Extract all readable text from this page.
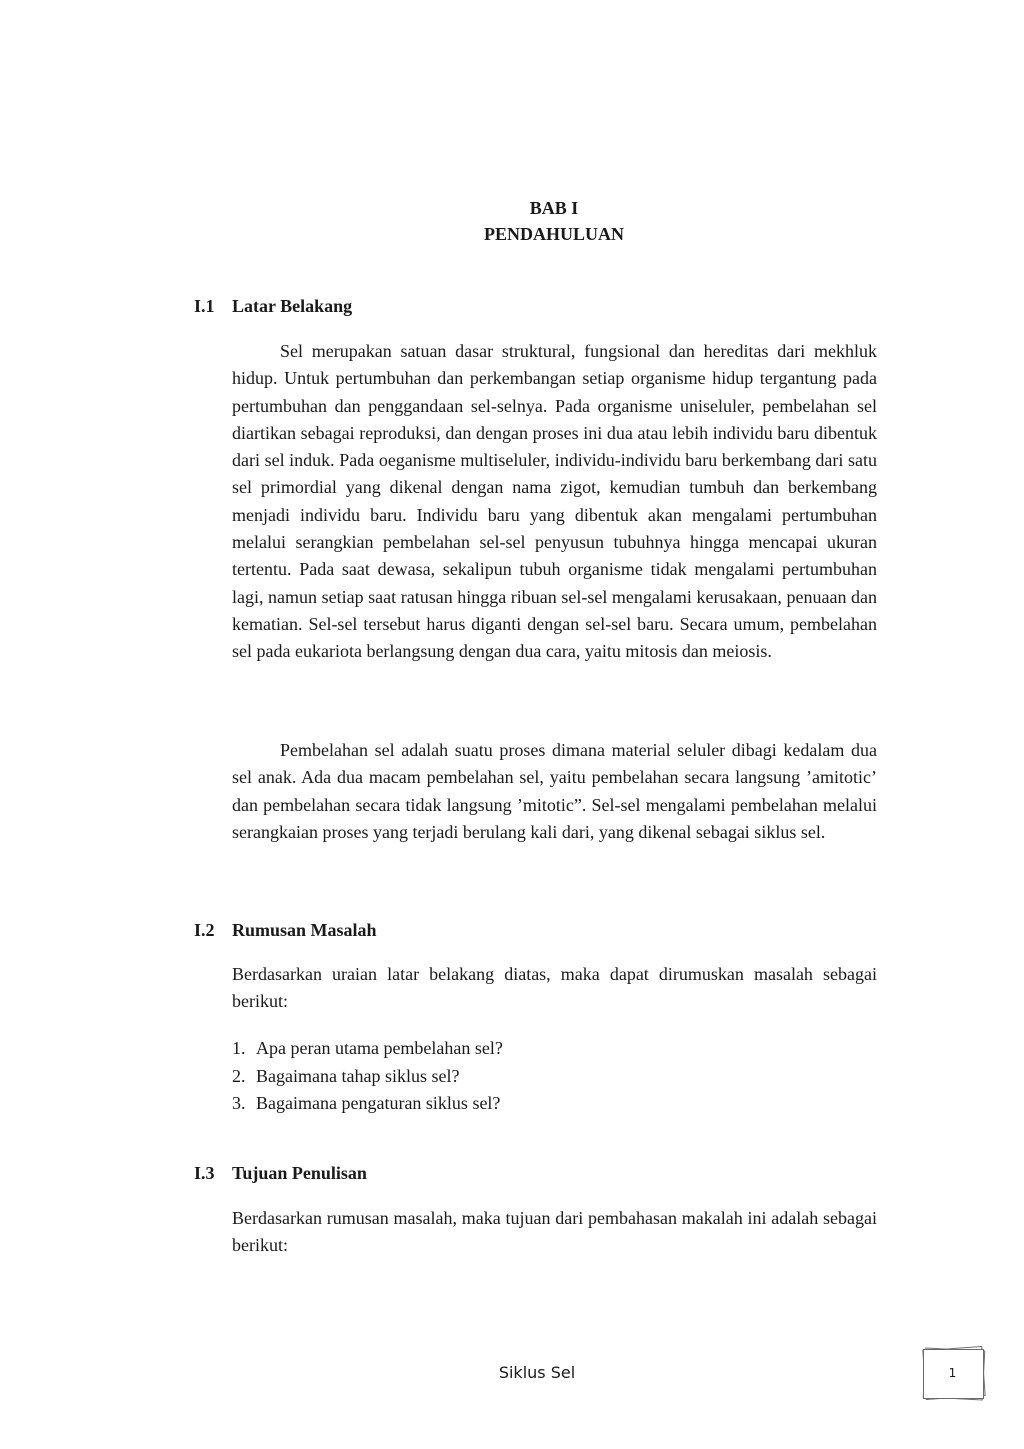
BAB I
PENDAHULUAN
I.1 Latar Belakang

Sel merupakan satuan dasar struktural, fungsional dan hereditas dari mekhluk hidup. Untuk pertumbuhan dan perkembangan setiap organisme hidup tergantung pada pertumbuhan dan penggandaan sel-selnya. Pada organisme uniseluler, pembelahan sel diartikan sebagai reproduksi, dan dengan proses ini dua atau lebih individu baru dibentuk dari sel induk. Pada oeganisme multiseluler, individu-individu baru berkembang dari satu sel primordial yang dikenal dengan nama zigot, kemudian tumbuh dan berkembang menjadi individu baru. Individu baru yang dibentuk akan mengalami pertumbuhan melalui serangkian pembelahan sel-sel penyusun tubuhnya hingga mencapai ukuran tertentu. Pada saat dewasa, sekalipun tubuh organisme tidak mengalami pertumbuhan lagi, namun setiap saat ratusan hingga ribuan sel-sel mengalami kerusakaan, penuaan dan kematian. Sel-sel tersebut harus diganti dengan sel-sel baru. Secara umum, pembelahan sel pada eukariota berlangsung dengan dua cara, yaitu mitosis dan meiosis.

Pembelahan sel adalah suatu proses dimana material seluler dibagi kedalam dua sel anak. Ada dua macam pembelahan sel, yaitu pembelahan secara langsung ’amitotic’ dan pembelahan secara tidak langsung ’mitotic”. Sel-sel mengalami pembelahan melalui serangkaian proses yang terjadi berulang kali dari, yang dikenal sebagai siklus sel.

I.2 Rumusan Masalah

Berdasarkan uraian latar belakang diatas, maka dapat dirumuskan masalah sebagai berikut:

1. Apa peran utama pembelahan sel?
2. Bagaimana tahap siklus sel?
3. Bagaimana pengaturan siklus sel?
I.3 Tujuan Penulisan

Berdasarkan rumusan masalah, maka tujuan dari pembahasan makalah ini adalah sebagai berikut:

Siklus Sel	1
